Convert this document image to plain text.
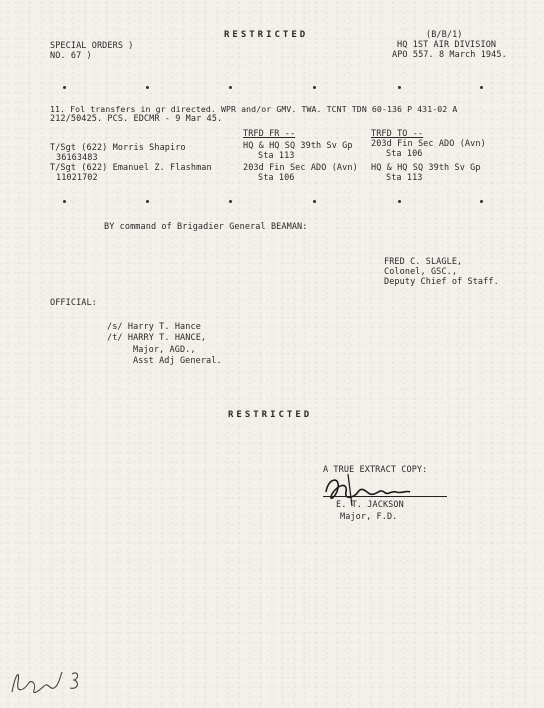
RESTRICTED
SPECIAL ORDERS )
NO. 67 )
(B/B/1)
HQ 1ST AIR DIVISION
APO 557. 8 March 1945.
11. Fol transfers in gr directed. WPR and/or GMV. TWA. TCNT TDN 60-136 P 431-02 A
212/50425. PCS. EDCMR - 9 Mar 45.
TRFD FR --	TRFD TO --
T/Sgt (622) Morris Shapiro
36163483
HQ & HQ SQ 39th Sv Gp
Sta 113
203d Fin Sec ADO (Avn)
Sta 106
T/Sgt (622) Emanuel Z. Flashman
11021702
203d Fin Sec ADO (Avn)
Sta 106
HQ & HQ SQ 39th Sv Gp
Sta 113
BY command of Brigadier General BEAMAN:
FRED C. SLAGLE,
Colonel, GSC.,
Deputy Chief of Staff.
OFFICIAL:
/s/ Harry T. Hance
/t/ HARRY T. HANCE,
Major, AGD.,
Asst Adj General.
RESTRICTED
A TRUE EXTRACT COPY:
E. T. JACKSON
Major, F.D.
